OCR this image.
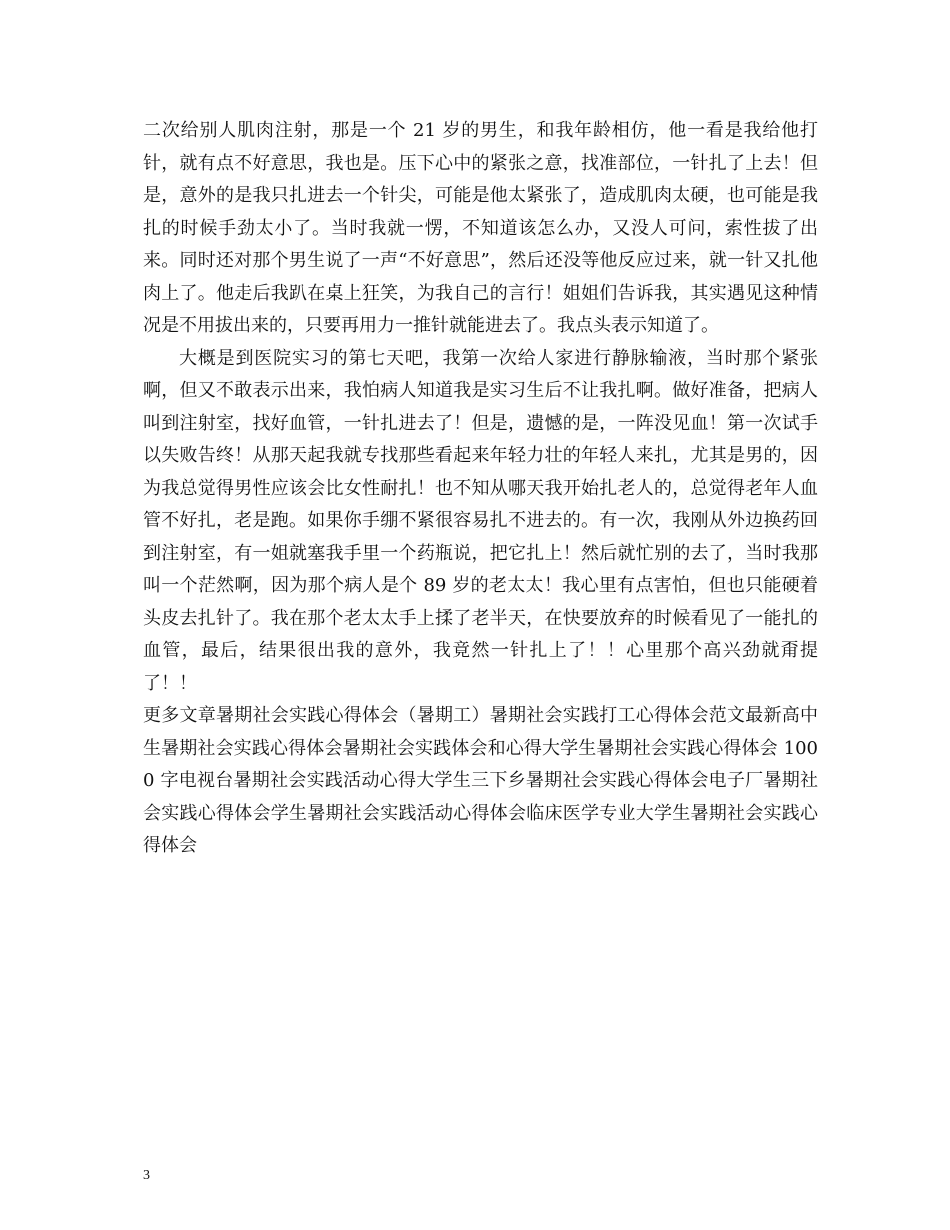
二次给别人肌肉注射，那是一个 21 岁的男生，和我年龄相仿，他一看是我给他打针，就有点不好意思，我也是。压下心中的紧张之意，找准部位，一针扎了上去！但是，意外的是我只扎进去一个针尖，可能是他太紧张了，造成肌肉太硬，也可能是我扎的时候手劲太小了。当时我就一愣，不知道该怎么办，又没人可问，索性拔了出来。同时还对那个男生说了一声“不好意思”，然后还没等他反应过来，就一针又扎他肉上了。他走后我趴在桌上狂笑，为我自己的言行！姐姐们告诉我，其实遇见这种情况是不用拔出来的，只要再用力一推针就能进去了。我点头表示知道了。

大概是到医院实习的第七天吧，我第一次给人家进行静脉输液，当时那个紧张啊，但又不敢表示出来，我怕病人知道我是实习生后不让我扎啊。做好准备，把病人叫到注射室，找好血管，一针扎进去了！但是，遗憾的是，一阵没见血！第一次试手以失败告终！从那天起我就专找那些看起来年轻力壮的年轻人来扎，尤其是男的，因为我总觉得男性应该会比女性耐扎！也不知从哪天我开始扎老人的，总觉得老年人血管不好扎，老是跑。如果你手绷不紧很容易扎不进去的。有一次，我刚从外边换药回到注射室，有一姐就塞我手里一个药瓶说，把它扎上！然后就忙别的去了，当时我那叫一个茫然啊，因为那个病人是个 89 岁的老太太！我心里有点害怕，但也只能硬着头皮去扎针了。我在那个老太太手上揉了老半天，在快要放弃的时候看见了一能扎的血管，最后，结果很出我的意外，我竟然一针扎上了！！心里那个高兴劲就甭提了！！

更多文章暑期社会实践心得体会（暑期工）暑期社会实践打工心得体会范文最新高中生暑期社会实践心得体会暑期社会实践体会和心得大学生暑期社会实践心得体会 1000 字电视台暑期社会实践活动心得大学生三下乡暑期社会实践心得体会电子厂暑期社会实践心得体会学生暑期社会实践活动心得体会临床医学专业大学生暑期社会实践心得体会

3
